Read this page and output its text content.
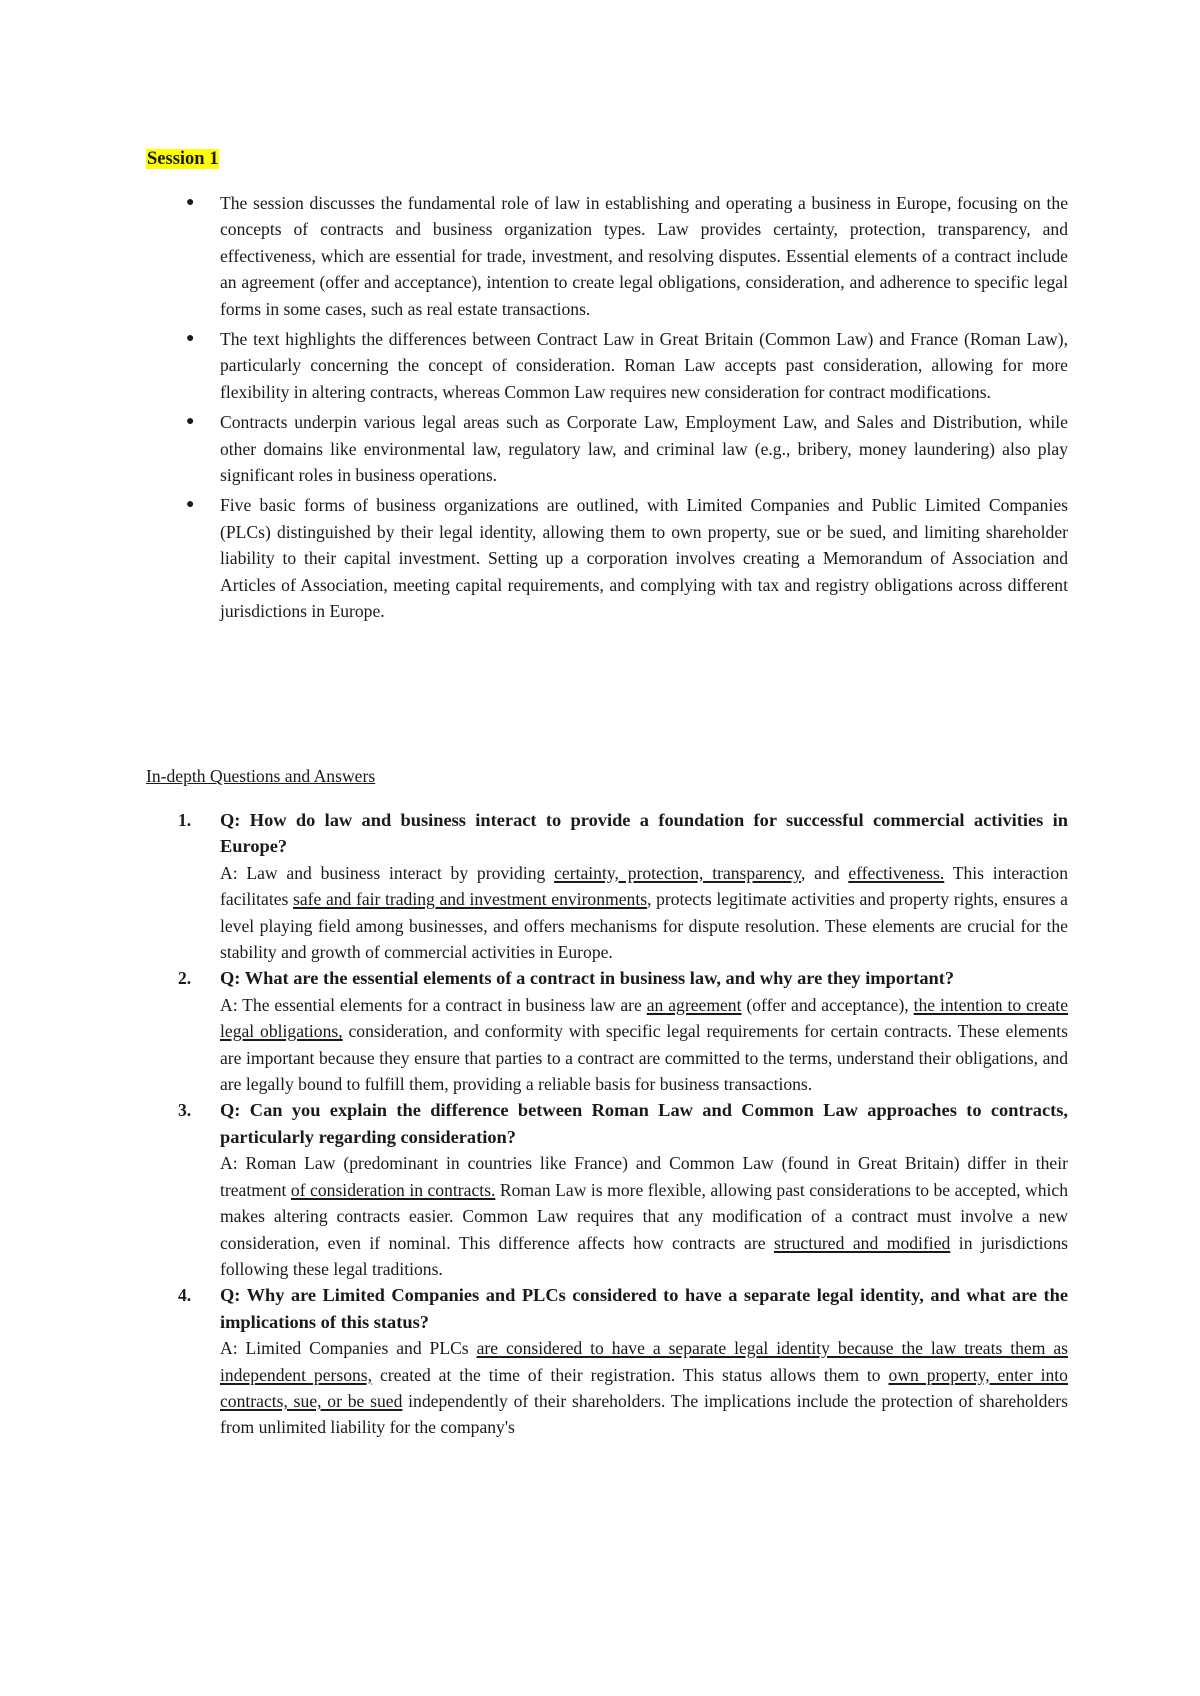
Session 1
● The session discusses the fundamental role of law in establishing and operating a business in Europe, focusing on the concepts of contracts and business organization types. Law provides certainty, protection, transparency, and effectiveness, which are essential for trade, investment, and resolving disputes. Essential elements of a contract include an agreement (offer and acceptance), intention to create legal obligations, consideration, and adherence to specific legal forms in some cases, such as real estate transactions.
● The text highlights the differences between Contract Law in Great Britain (Common Law) and France (Roman Law), particularly concerning the concept of consideration. Roman Law accepts past consideration, allowing for more flexibility in altering contracts, whereas Common Law requires new consideration for contract modifications.
● Contracts underpin various legal areas such as Corporate Law, Employment Law, and Sales and Distribution, while other domains like environmental law, regulatory law, and criminal law (e.g., bribery, money laundering) also play significant roles in business operations.
● Five basic forms of business organizations are outlined, with Limited Companies and Public Limited Companies (PLCs) distinguished by their legal identity, allowing them to own property, sue or be sued, and limiting shareholder liability to their capital investment. Setting up a corporation involves creating a Memorandum of Association and Articles of Association, meeting capital requirements, and complying with tax and registry obligations across different jurisdictions in Europe.
In-depth Questions and Answers
1. Q: How do law and business interact to provide a foundation for successful commercial activities in Europe?

A: Law and business interact by providing certainty, protection, transparency, and effectiveness. This interaction facilitates safe and fair trading and investment environments, protects legitimate activities and property rights, ensures a level playing field among businesses, and offers mechanisms for dispute resolution. These elements are crucial for the stability and growth of commercial activities in Europe.

2. Q: What are the essential elements of a contract in business law, and why are they important?

A: The essential elements for a contract in business law are an agreement (offer and acceptance), the intention to create legal obligations, consideration, and conformity with specific legal requirements for certain contracts. These elements are important because they ensure that parties to a contract are committed to the terms, understand their obligations, and are legally bound to fulfill them, providing a reliable basis for business transactions.

3. Q: Can you explain the difference between Roman Law and Common Law approaches to contracts, particularly regarding consideration?

A: Roman Law (predominant in countries like France) and Common Law (found in Great Britain) differ in their treatment of consideration in contracts. Roman Law is more flexible, allowing past considerations to be accepted, which makes altering contracts easier. Common Law requires that any modification of a contract must involve a new consideration, even if nominal. This difference affects how contracts are structured and modified in jurisdictions following these legal traditions.

4. Q: Why are Limited Companies and PLCs considered to have a separate legal identity, and what are the implications of this status?

A: Limited Companies and PLCs are considered to have a separate legal identity because the law treats them as independent persons, created at the time of their registration. This status allows them to own property, enter into contracts, sue, or be sued independently of their shareholders. The implications include the protection of shareholders from unlimited liability for the company's
